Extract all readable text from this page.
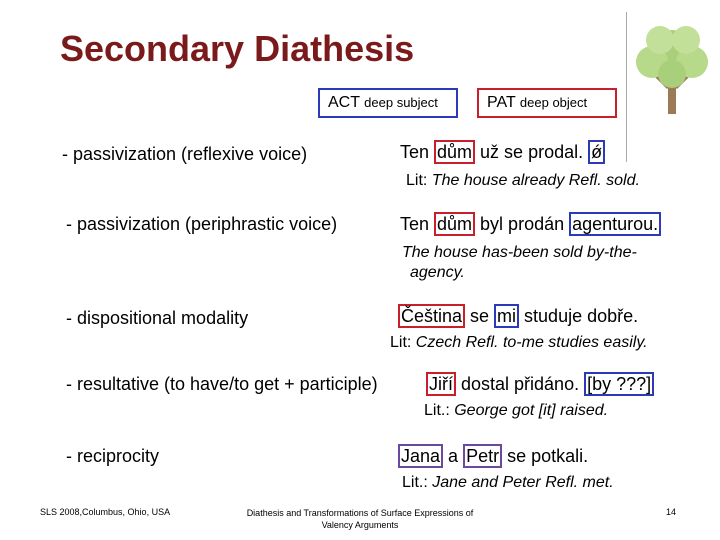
Secondary Diathesis
ACT deep subject	PAT deep object
- passivization (reflexive voice)	Ten dům už se prodal. ǿ
Lit: The house already Refl. sold.
- passivization (periphrastic voice)	Ten dům byl prodán agenturou.
The house has-been sold by-the-
agency.
- dispositional modality	Čeština se mi studuje dobře.
Lit: Czech Refl. to-me studies easily.
- resultative (to have/to get + participle)	Jiří dostal přidáno. [by ???]
Lit.: George got [it] raised.
- reciprocity	Jana a Petr se potkali.
Lit.: Jane and Peter Refl. met.
SLS 2008,Columbus, Ohio, USA	Diathesis and Transformations of Surface Expressions of
Valency Arguments
14
